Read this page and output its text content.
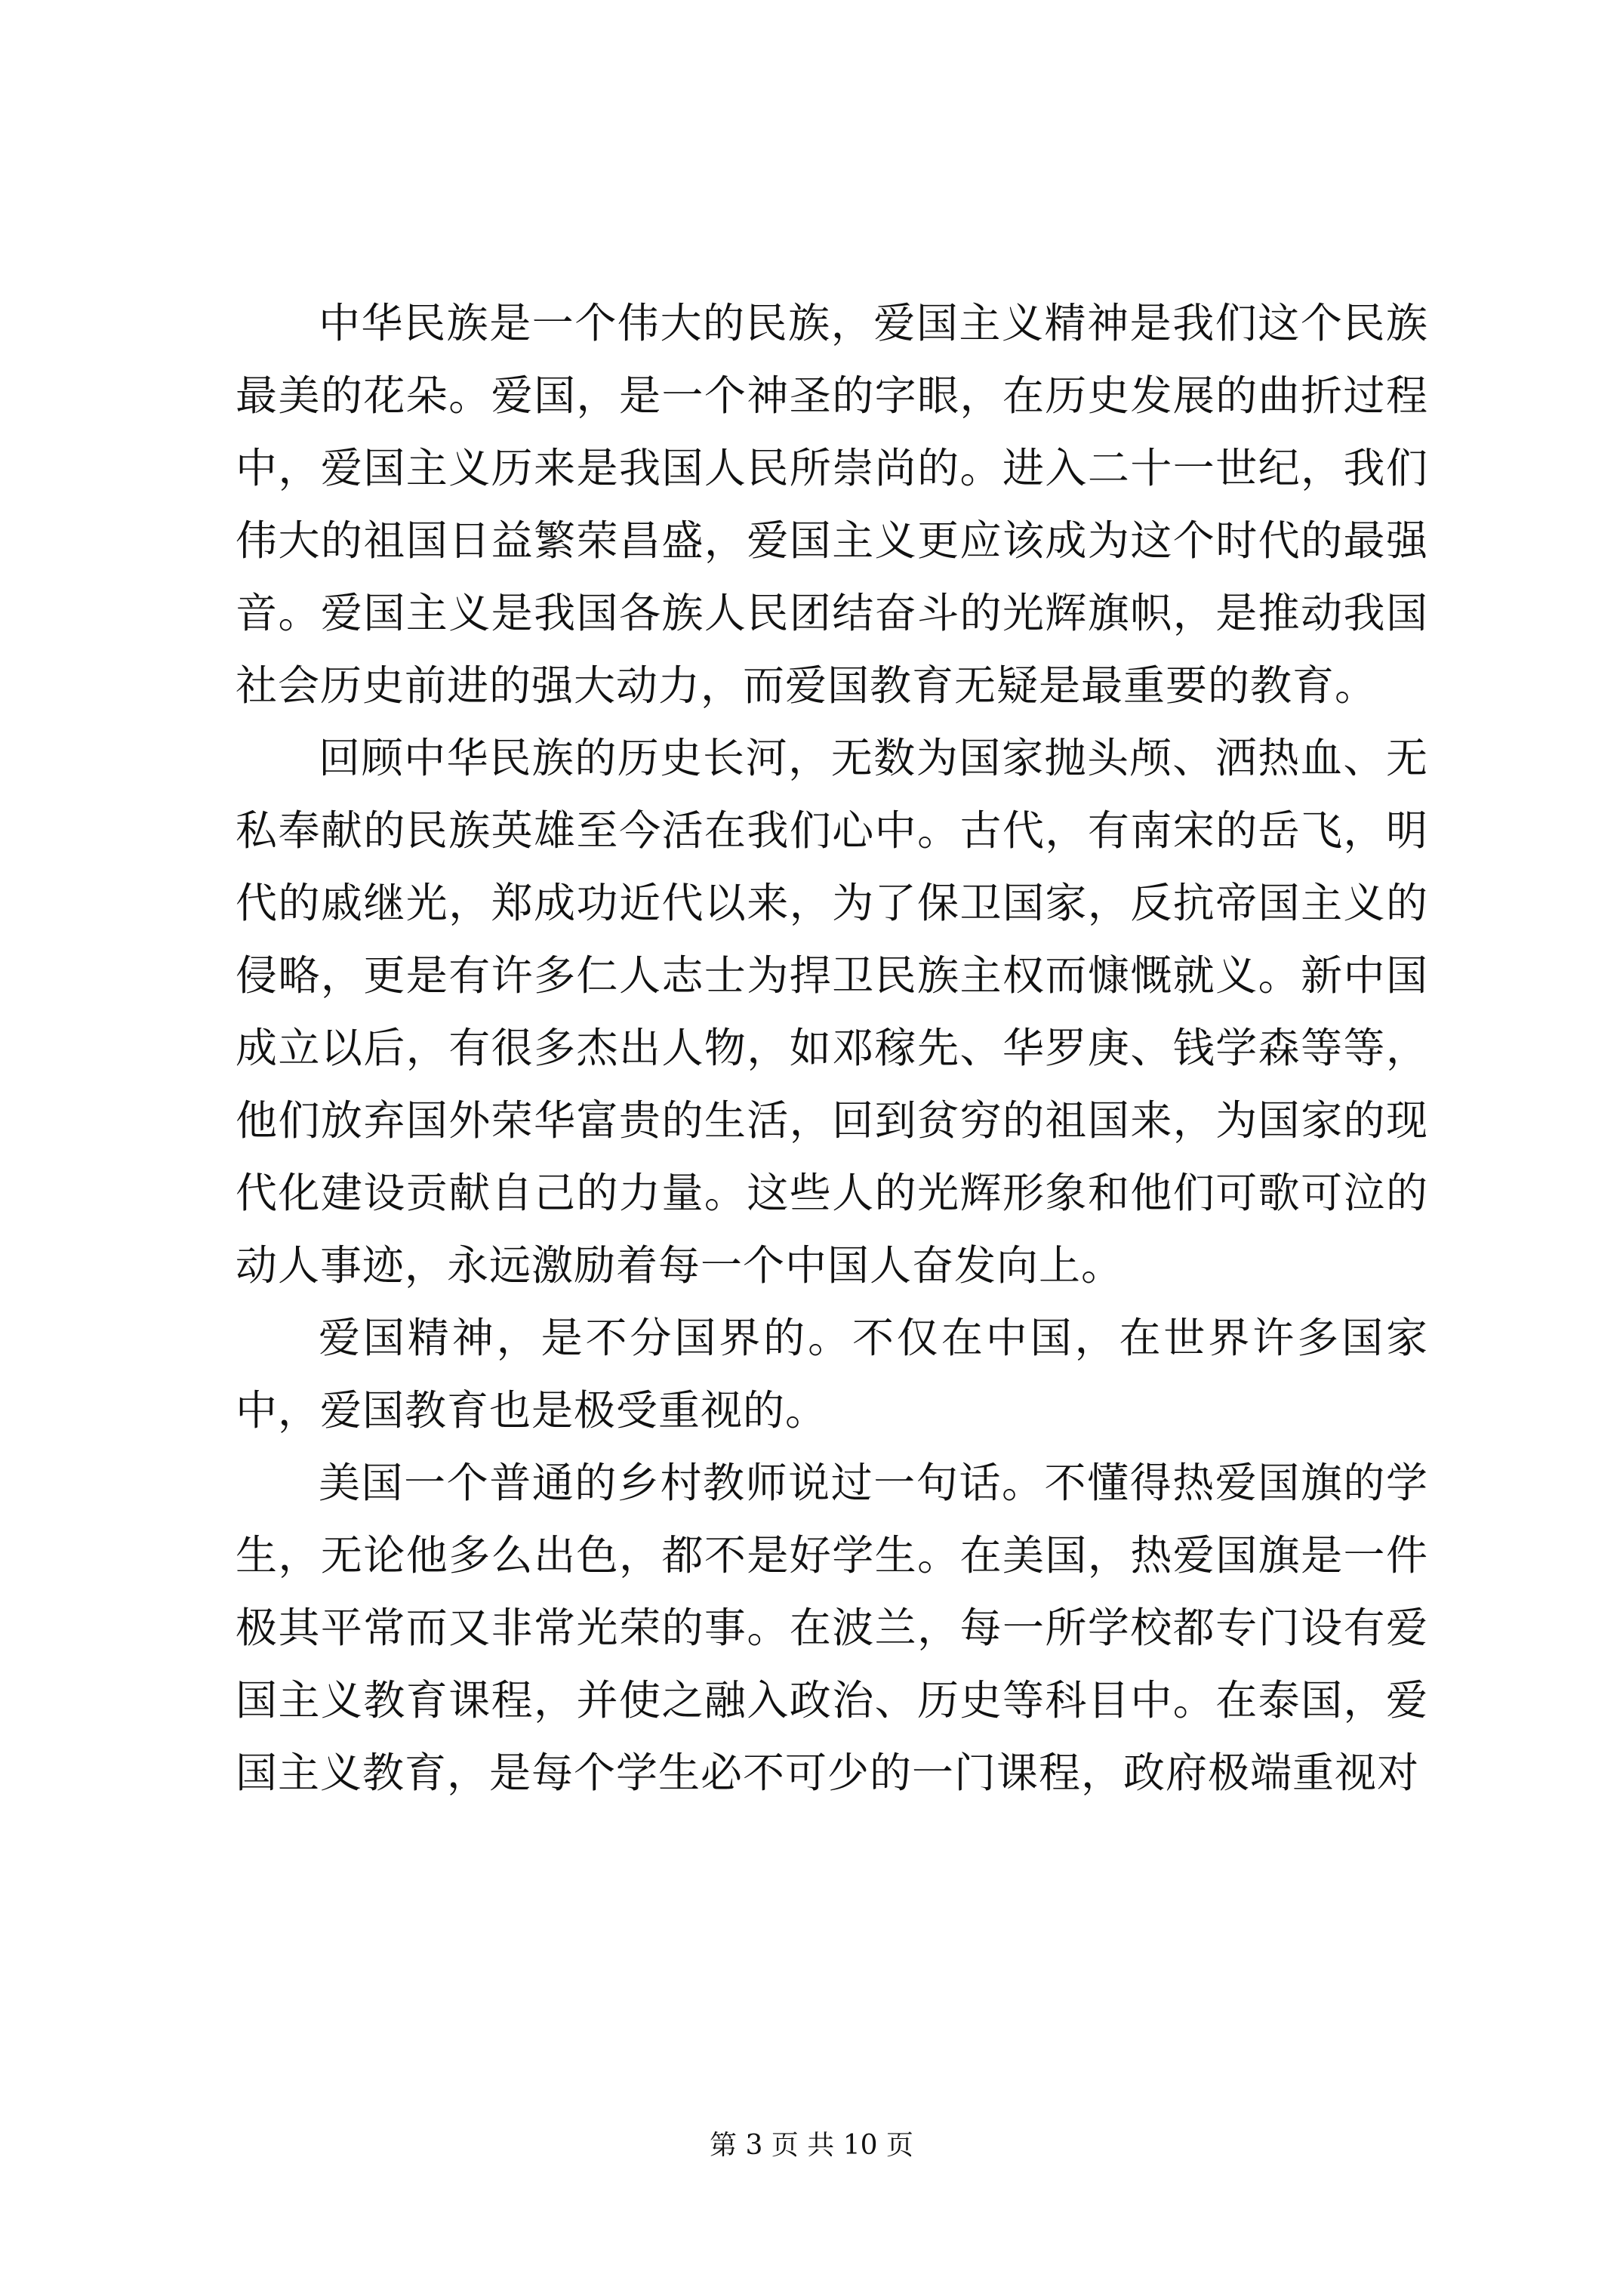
中华民族是一个伟大的民族，爱国主义精神是我们这个民族最美的花朵。爱国，是一个神圣的字眼，在历史发展的曲折过程中，爱国主义历来是我国人民所崇尚的。进入二十一世纪，我们伟大的祖国日益繁荣昌盛，爱国主义更应该成为这个时代的最强音。爱国主义是我国各族人民团结奋斗的光辉旗帜，是推动我国社会历史前进的强大动力，而爱国教育无疑是最重要的教育。

回顾中华民族的历史长河，无数为国家抛头颅、洒热血、无私奉献的民族英雄至今活在我们心中。古代，有南宋的岳飞，明代的戚继光，郑成功近代以来，为了保卫国家，反抗帝国主义的侵略，更是有许多仁人志士为捍卫民族主权而慷慨就义。新中国成立以后，有很多杰出人物，如邓稼先、华罗庚、钱学森等等，他们放弃国外荣华富贵的生活，回到贫穷的祖国来，为国家的现代化建设贡献自己的力量。这些人的光辉形象和他们可歌可泣的动人事迹，永远激励着每一个中国人奋发向上。

爱国精神，是不分国界的。不仅在中国，在世界许多国家中，爱国教育也是极受重视的。

美国一个普通的乡村教师说过一句话。不懂得热爱国旗的学生，无论他多么出色，都不是好学生。在美国，热爱国旗是一件极其平常而又非常光荣的事。在波兰，每一所学校都专门设有爱国主义教育课程，并使之融入政治、历史等科目中。在泰国，爱国主义教育，是每个学生必不可少的一门课程，政府极端重视对

第 3 页 共 10 页
